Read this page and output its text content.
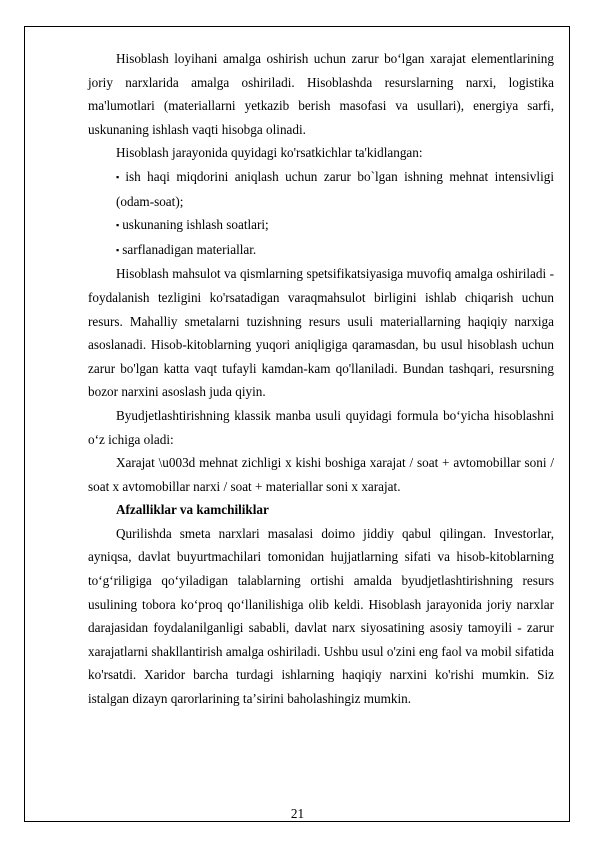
Hisoblash loyihani amalga oshirish uchun zarur bo‘lgan xarajat elementlarining joriy narxlarida amalga oshiriladi. Hisoblashda resurslarning narxi, logistika ma'lumotlari (materiallarni yetkazib berish masofasi va usullari), energiya sarfi, uskunaning ishlash vaqti hisobga olinadi.

Hisoblash jarayonida quyidagi ko'rsatkichlar ta'kidlangan:

▪ ish haqi miqdorini aniqlash uchun zarur bo`lgan ishning mehnat intensivligi (odam-soat);

▪ uskunaning ishlash soatlari;

▪ sarflanadigan materiallar.

Hisoblash mahsulot va qismlarning spetsifikatsiyasiga muvofiq amalga oshiriladi - foydalanish tezligini ko'rsatadigan varaqmahsulot birligini ishlab chiqarish uchun resurs. Mahalliy smetalarni tuzishning resurs usuli materiallarning haqiqiy narxiga asoslanadi. Hisob-kitoblarning yuqori aniqligiga qaramasdan, bu usul hisoblash uchun zarur bo'lgan katta vaqt tufayli kamdan-kam qo'llaniladi. Bundan tashqari, resursning bozor narxini asoslash juda qiyin.

Byudjetlashtirishning klassik manba usuli quyidagi formula bo‘yicha hisoblashni o‘z ichiga oladi:

Xarajat \u003d mehnat zichligi x kishi boshiga xarajat / soat + avtomobillar soni / soat x avtomobillar narxi / soat + materiallar soni x xarajat.

Afzalliklar va kamchiliklar

Qurilishda smeta narxlari masalasi doimo jiddiy qabul qilingan. Investorlar, ayniqsa, davlat buyurtmachilari tomonidan hujjatlarning sifati va hisob-kitoblarning to‘g‘riligiga qo‘yiladigan talablarning ortishi amalda byudjetlashtirishning resurs usulining tobora ko‘proq qo‘llanilishiga olib keldi. Hisoblash jarayonida joriy narxlar darajasidan foydalanilganligi sababli, davlat narx siyosatining asosiy tamoyili - zarur xarajatlarni shakllantirish amalga oshiriladi. Ushbu usul o'zini eng faol va mobil sifatida ko'rsatdi. Xaridor barcha turdagi ishlarning haqiqiy narxini ko'rishi mumkin. Siz istalgan dizayn qarorlarining taʼsirini baholashingiz mumkin.

21
